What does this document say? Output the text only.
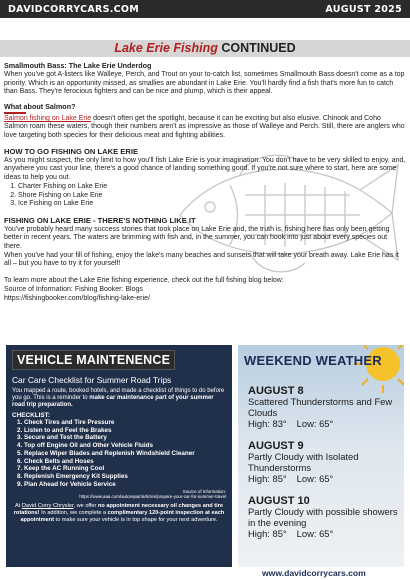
DAVIDCORRYCARS.COM	AUGUST 2025
Lake Erie Fishing CONTINUED
Smallmouth Bass: The Lake Erie Underdog
When you've got A-listers like Walleye, Perch, and Trout on your to-catch list, sometimes Smallmouth Bass doesn't come as a top priority. Which is an opportunity missed, as smallies are abundant in Lake Erie. You'll hardly find a fish that's more fun to catch than Bass. They're ferocious fighters and can be nice and plump, which is their appeal.
What about Salmon?
Salmon fishing on Lake Erie doesn't often get the spotlight, because it can be exciting but also elusive. Chinook and Coho Salmon roam these waters, though their numbers aren't as impressive as those of Walleye and Perch. Still, there are anglers who love targeting both species for their delicious meat and fighting abilities.
HOW TO GO FISHING ON LAKE ERIE
As you might suspect, the only limit to how you'll fish Lake Erie is your imagination. You don't have to be very skilled to enjoy, and, anywhere you cast your line, there's a good chance of landing something good. If you're not sure where to start, here are some ideas to help you out.
1. Charter Fishing on Lake Erie
2. Shore Fishing on Lake Erie
3. Ice Fishing on Lake Erie
FISHING ON LAKE ERIE - THERE'S NOTHING LIKE IT
You've probably heard many success stories that took place on Lake Erie and, the truth is, fishing here has only been getting better in recent years. The waters are brimming with fish and, in the summer, you can hook into just about every species out there.
When you've had your fill of fishing, enjoy the lake's many beaches and sunsets that will take your breath away. Lake Erie has it all – but you have to try it for yourself!
To learn more about the Lake Erie fishing experience, check out the full fishing blog below:
Source of Information: Fishing Booker: Blogs
https://fishingbooker.com/blog/fishing-lake-erie/
VEHICLE MAINTENENCE
Car Care Checklist for Summer Road Trips
You mapped a route, booked hotels, and made a checklist of things to do before you go. This is a reminder to make car maintenance part of your summer road trip preparation.
CHECKLIST:
1. Check Tires and Tire Pressure
2. Listen to and Feel the Brakes
3. Secure and Test the Battery
4. Top off Engine Oil and Other Vehicle Fluids
5. Replace Wiper Blades and Replenish Windshield Cleaner
6. Check Belts and Hoses
7. Keep the AC Running Cool
8. Replenish Emergency Kit Supplies
9. Plan Ahead for Vehicle Service
Source of Information:
https://www.aaa.com/autorepair/articles/prepare-your-car-for-summer-travel
At David Corry Chrysler, we offer no appointment necessary oil changes and tire rotations! In addition, we complete a complimentary 120-point inspection at each appointment to make sure your vehicle is in top shape for your next adventure.
WEEKEND WEATHER
AUGUST 8
Scattered Thunderstorms and Few Clouds
High: 83° Low: 65°
AUGUST 9
Partly Cloudy with Isolated Thunderstorms
High: 85° Low: 65°
AUGUST 10
Partly Cloudy with possible showers in the evening
High: 85° Low: 65°
www.davidcorrycars.com
